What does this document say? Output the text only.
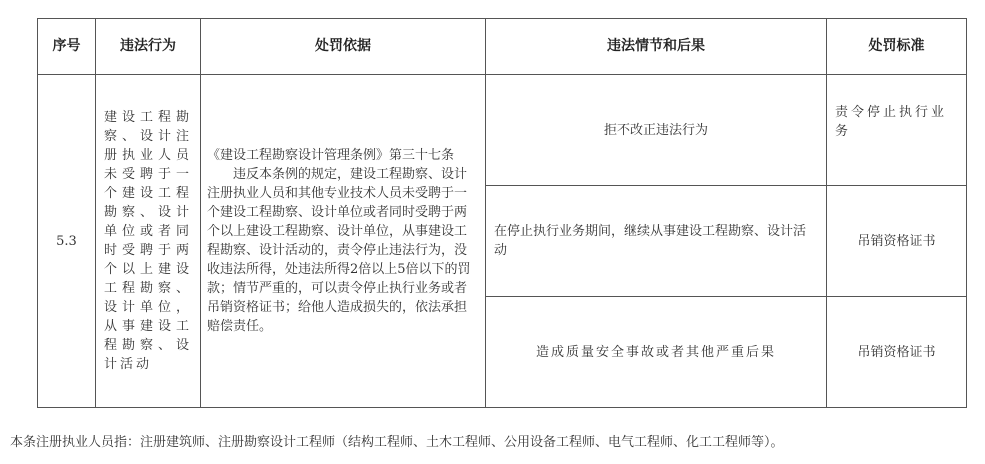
序号	违法行为	处罚依据	违法情节和后果	处罚标准
5.3	建设工程勘察、设计注册执业人员未受聘于一个建设工程勘察、设计单位或者同时受聘于两个以上建设工程勘察、设计单位，从事建设工程勘察、设计活动	《建设工程勘察设计管理条例》第三十七条

违反本条例的规定，建设工程勘察、设计注册执业人员和其他专业技术人员未受聘于一个建设工程勘察、设计单位或者同时受聘于两个以上建设工程勘察、设计单位，从事建设工程勘察、设计活动的，责令停止违法行为，没收违法所得，处违法所得2倍以上5倍以下的罚款；情节严重的，可以责令停止执行业务或者吊销资格证书；给他人造成损失的，依法承担赔偿责任。	拒不改正违法行为	责令停止执行业务
			在停止执行业务期间，继续从事建设工程勘察、设计活动	吊销资格证书
			造成质量安全事故或者其他严重后果	吊销资格证书
本条注册执业人员指：注册建筑师、注册勘察设计工程师（结构工程师、土木工程师、公用设备工程师、电气工程师、化工工程师等）。
